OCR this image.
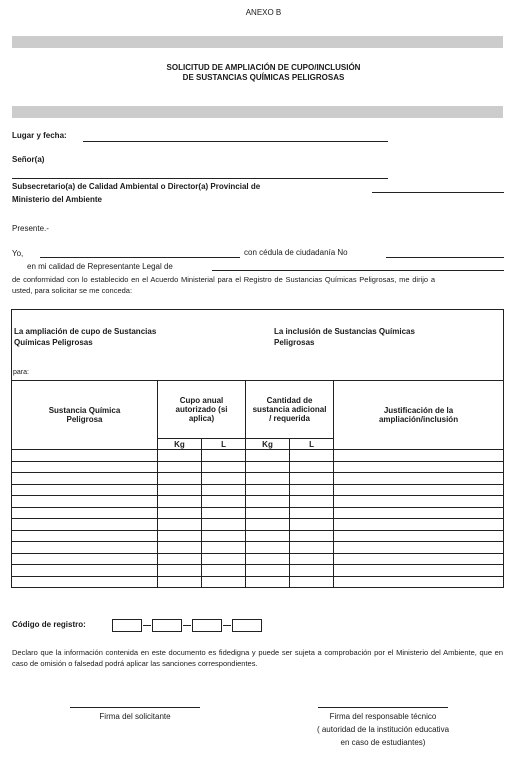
ANEXO B
SOLICITUD DE AMPLIACIÓN DE CUPO/INCLUSIÓN
DE SUSTANCIAS QUÍMICAS PELIGROSAS
Lugar y fecha:
Señor(a)
Subsecretario(a) de Calidad Ambiental o Director(a) Provincial de
Ministerio del Ambiente
Presente.-
Yo,	con cédula de ciudadanía No
en mi calidad de Representante Legal de
de conformidad con lo establecido en el Acuerdo Ministerial para el Registro de Sustancias Químicas Peligrosas, me dirijo a usted, para solicitar se me conceda:
La ampliación de cupo de Sustancias Químicas Peligrosas
La inclusión de Sustancias Químicas Peligrosas
para:
Sustancia Química Peligrosa	Cupo anual autorizado (si aplica)		Cantidad de sustancia adicional / requerida		Justificación de la ampliación/inclusión
	Kg	L	Kg	L	

Código de registro:
Declaro que la información contenida en este documento es fidedigna y puede ser sujeta a comprobación por el Ministerio del Ambiente, que en caso de omisión o falsedad podrá aplicar las sanciones correspondientes.
Firma del solicitante	Firma del responsable técnico
( autoridad de la institución educativa
en caso de estudiantes)
